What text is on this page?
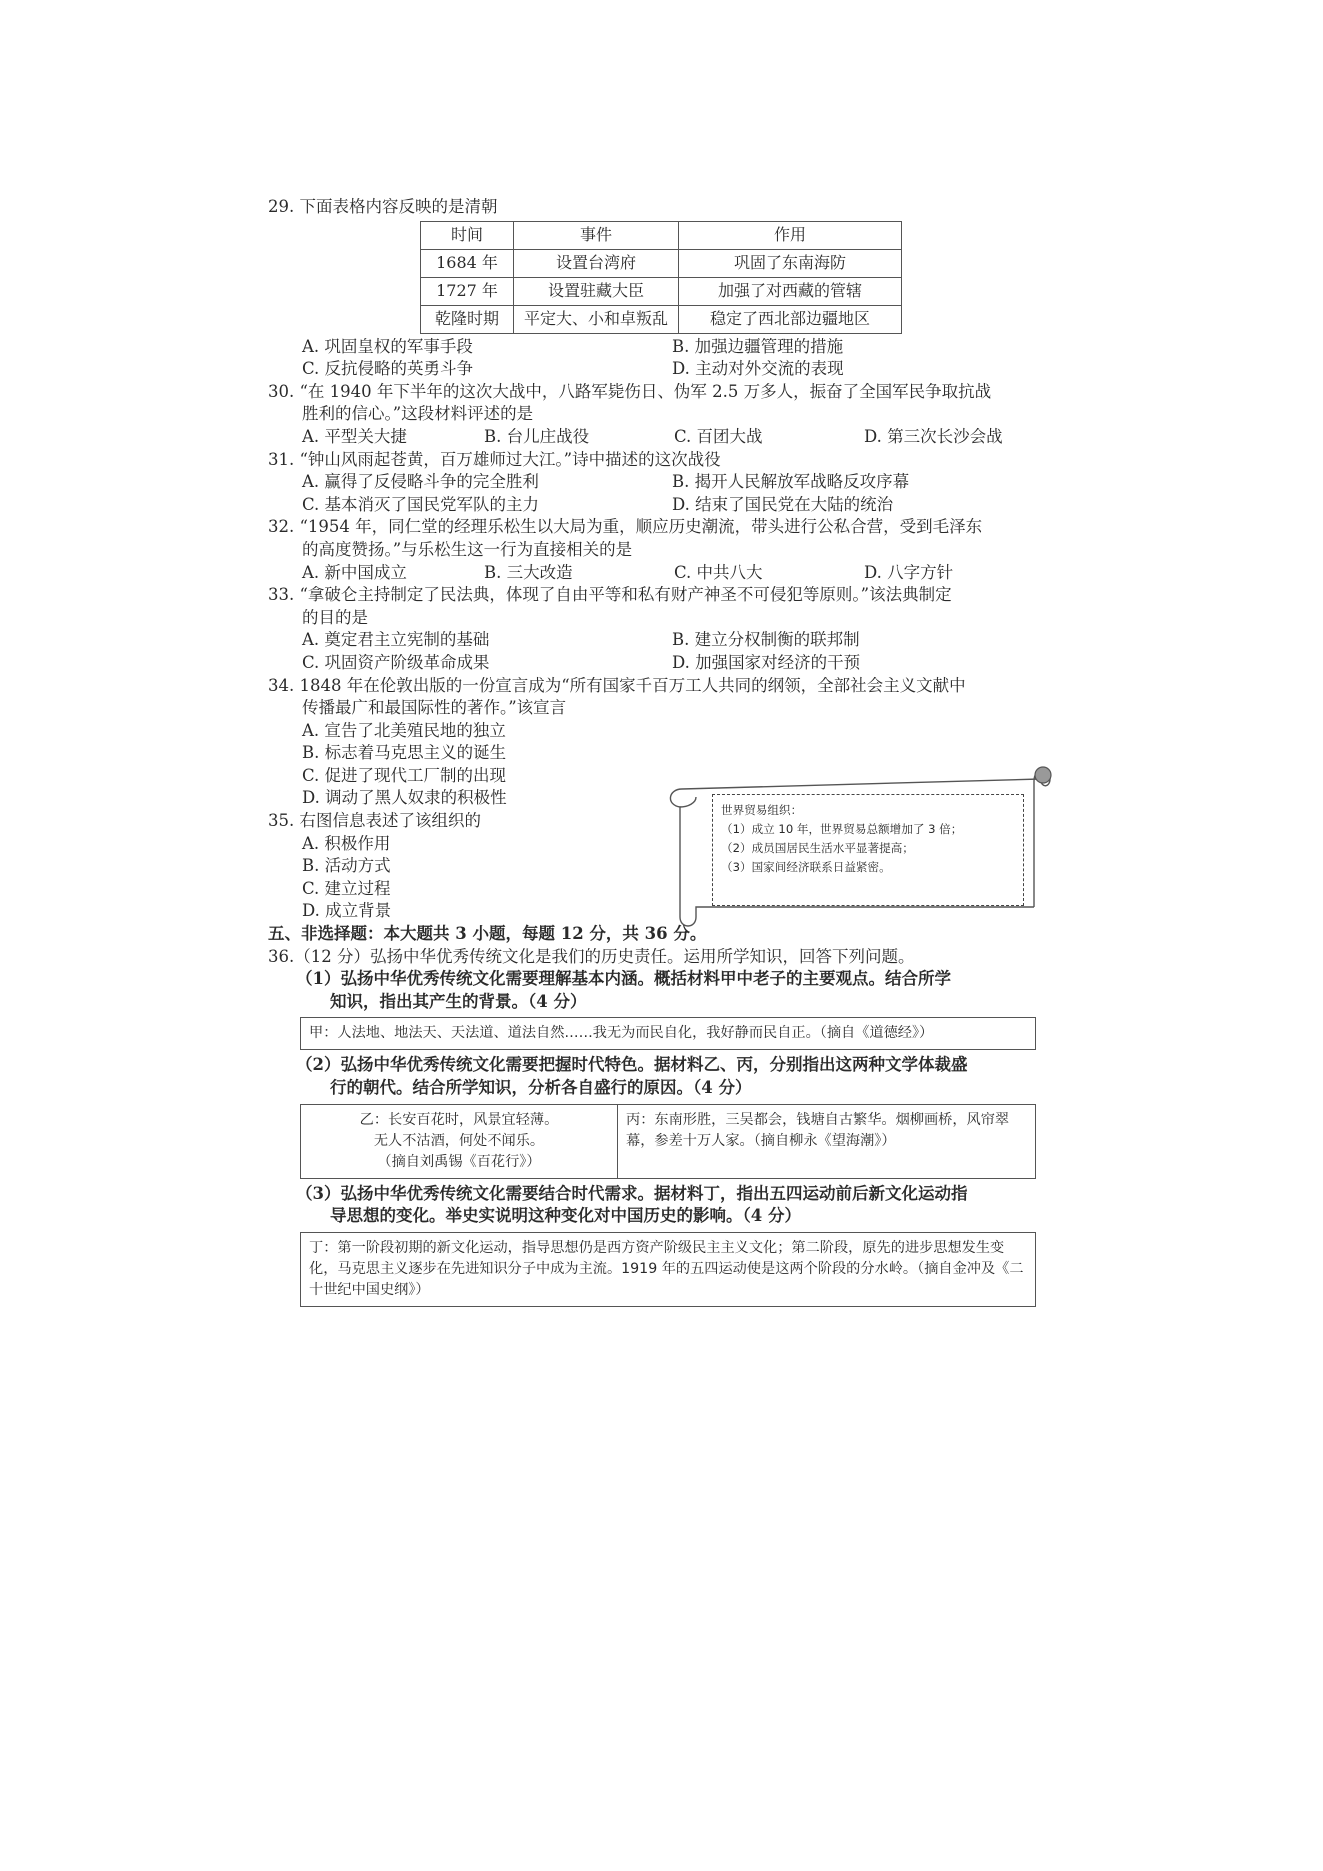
29. 下面表格内容反映的是清朝

时间	事件	作用
1684 年	设置台湾府	巩固了东南海防
1727 年	设置驻藏大臣	加强了对西藏的管辖
乾隆时期	平定大、小和卓叛乱	稳定了西北部边疆地区
A. 巩固皇权的军事手段	B. 加强边疆管理的措施
C. 反抗侵略的英勇斗争	D. 主动对外交流的表现

30. “在 1940 年下半年的这次大战中，八路军毙伤日、伪军 2.5 万多人，振奋了全国军民争取抗战

胜利的信心。”这段材料评述的是

A. 平型关大捷	B. 台儿庄战役	C. 百团大战	D. 第三次长沙会战

31. “钟山风雨起苍黄，百万雄师过大江。”诗中描述的这次战役

A. 赢得了反侵略斗争的完全胜利	B. 揭开人民解放军战略反攻序幕
C. 基本消灭了国民党军队的主力	D. 结束了国民党在大陆的统治

32. “1954 年，同仁堂的经理乐松生以大局为重，顺应历史潮流，带头进行公私合营，受到毛泽东

的高度赞扬。”与乐松生这一行为直接相关的是

A. 新中国成立	B. 三大改造	C. 中共八大	D. 八字方针

33. “拿破仑主持制定了民法典，体现了自由平等和私有财产神圣不可侵犯等原则。”该法典制定

的目的是

A. 奠定君主立宪制的基础	B. 建立分权制衡的联邦制
C. 巩固资产阶级革命成果	D. 加强国家对经济的干预

34. 1848 年在伦敦出版的一份宣言成为“所有国家千百万工人共同的纲领，全部社会主义文献中

传播最广和最国际性的著作。”该宣言

A. 宣告了北美殖民地的独立
B. 标志着马克思主义的诞生
C. 促进了现代工厂制的出现
D. 调动了黑人奴隶的积极性

35. 右图信息表述了该组织的

A. 积极作用
B. 活动方式
C. 建立过程
D. 成立背景

五、非选择题：本大题共 3 小题，每题 12 分，共 36 分。

36.（12 分）弘扬中华优秀传统文化是我们的历史责任。运用所学知识，回答下列问题。

（1）弘扬中华优秀传统文化需要理解基本内涵。概括材料甲中老子的主要观点。结合所学

知识，指出其产生的背景。（4 分）

甲：人法地、地法天、天法道、道法自然……我无为而民自化，我好静而民自正。（摘自《道德经》）

（2）弘扬中华优秀传统文化需要把握时代特色。据材料乙、丙，分别指出这两种文学体裁盛

行的朝代。结合所学知识，分析各自盛行的原因。（4 分）

乙：长安百花时，风景宜轻薄。
无人不沽酒，何处不闻乐。
（摘自刘禹锡《百花行》）
丙：东南形胜，三吴都会，钱塘自古繁华。烟柳画桥，风帘翠幕，参差十万人家。（摘自柳永《望海潮》）

（3）弘扬中华优秀传统文化需要结合时代需求。据材料丁，指出五四运动前后新文化运动指

导思想的变化。举史实说明这种变化对中国历史的影响。（4 分）

丁：第一阶段初期的新文化运动，指导思想仍是西方资产阶级民主主义文化；第二阶段，原先的进步思想发生变化，马克思主义逐步在先进知识分子中成为主流。1919 年的五四运动使是这两个阶段的分水岭。（摘自金冲及《二十世纪中国史纲》）
世界贸易组织：
（1）成立 10 年，世界贸易总额增加了 3 倍；
（2）成员国居民生活水平显著提高；
（3）国家间经济联系日益紧密。
